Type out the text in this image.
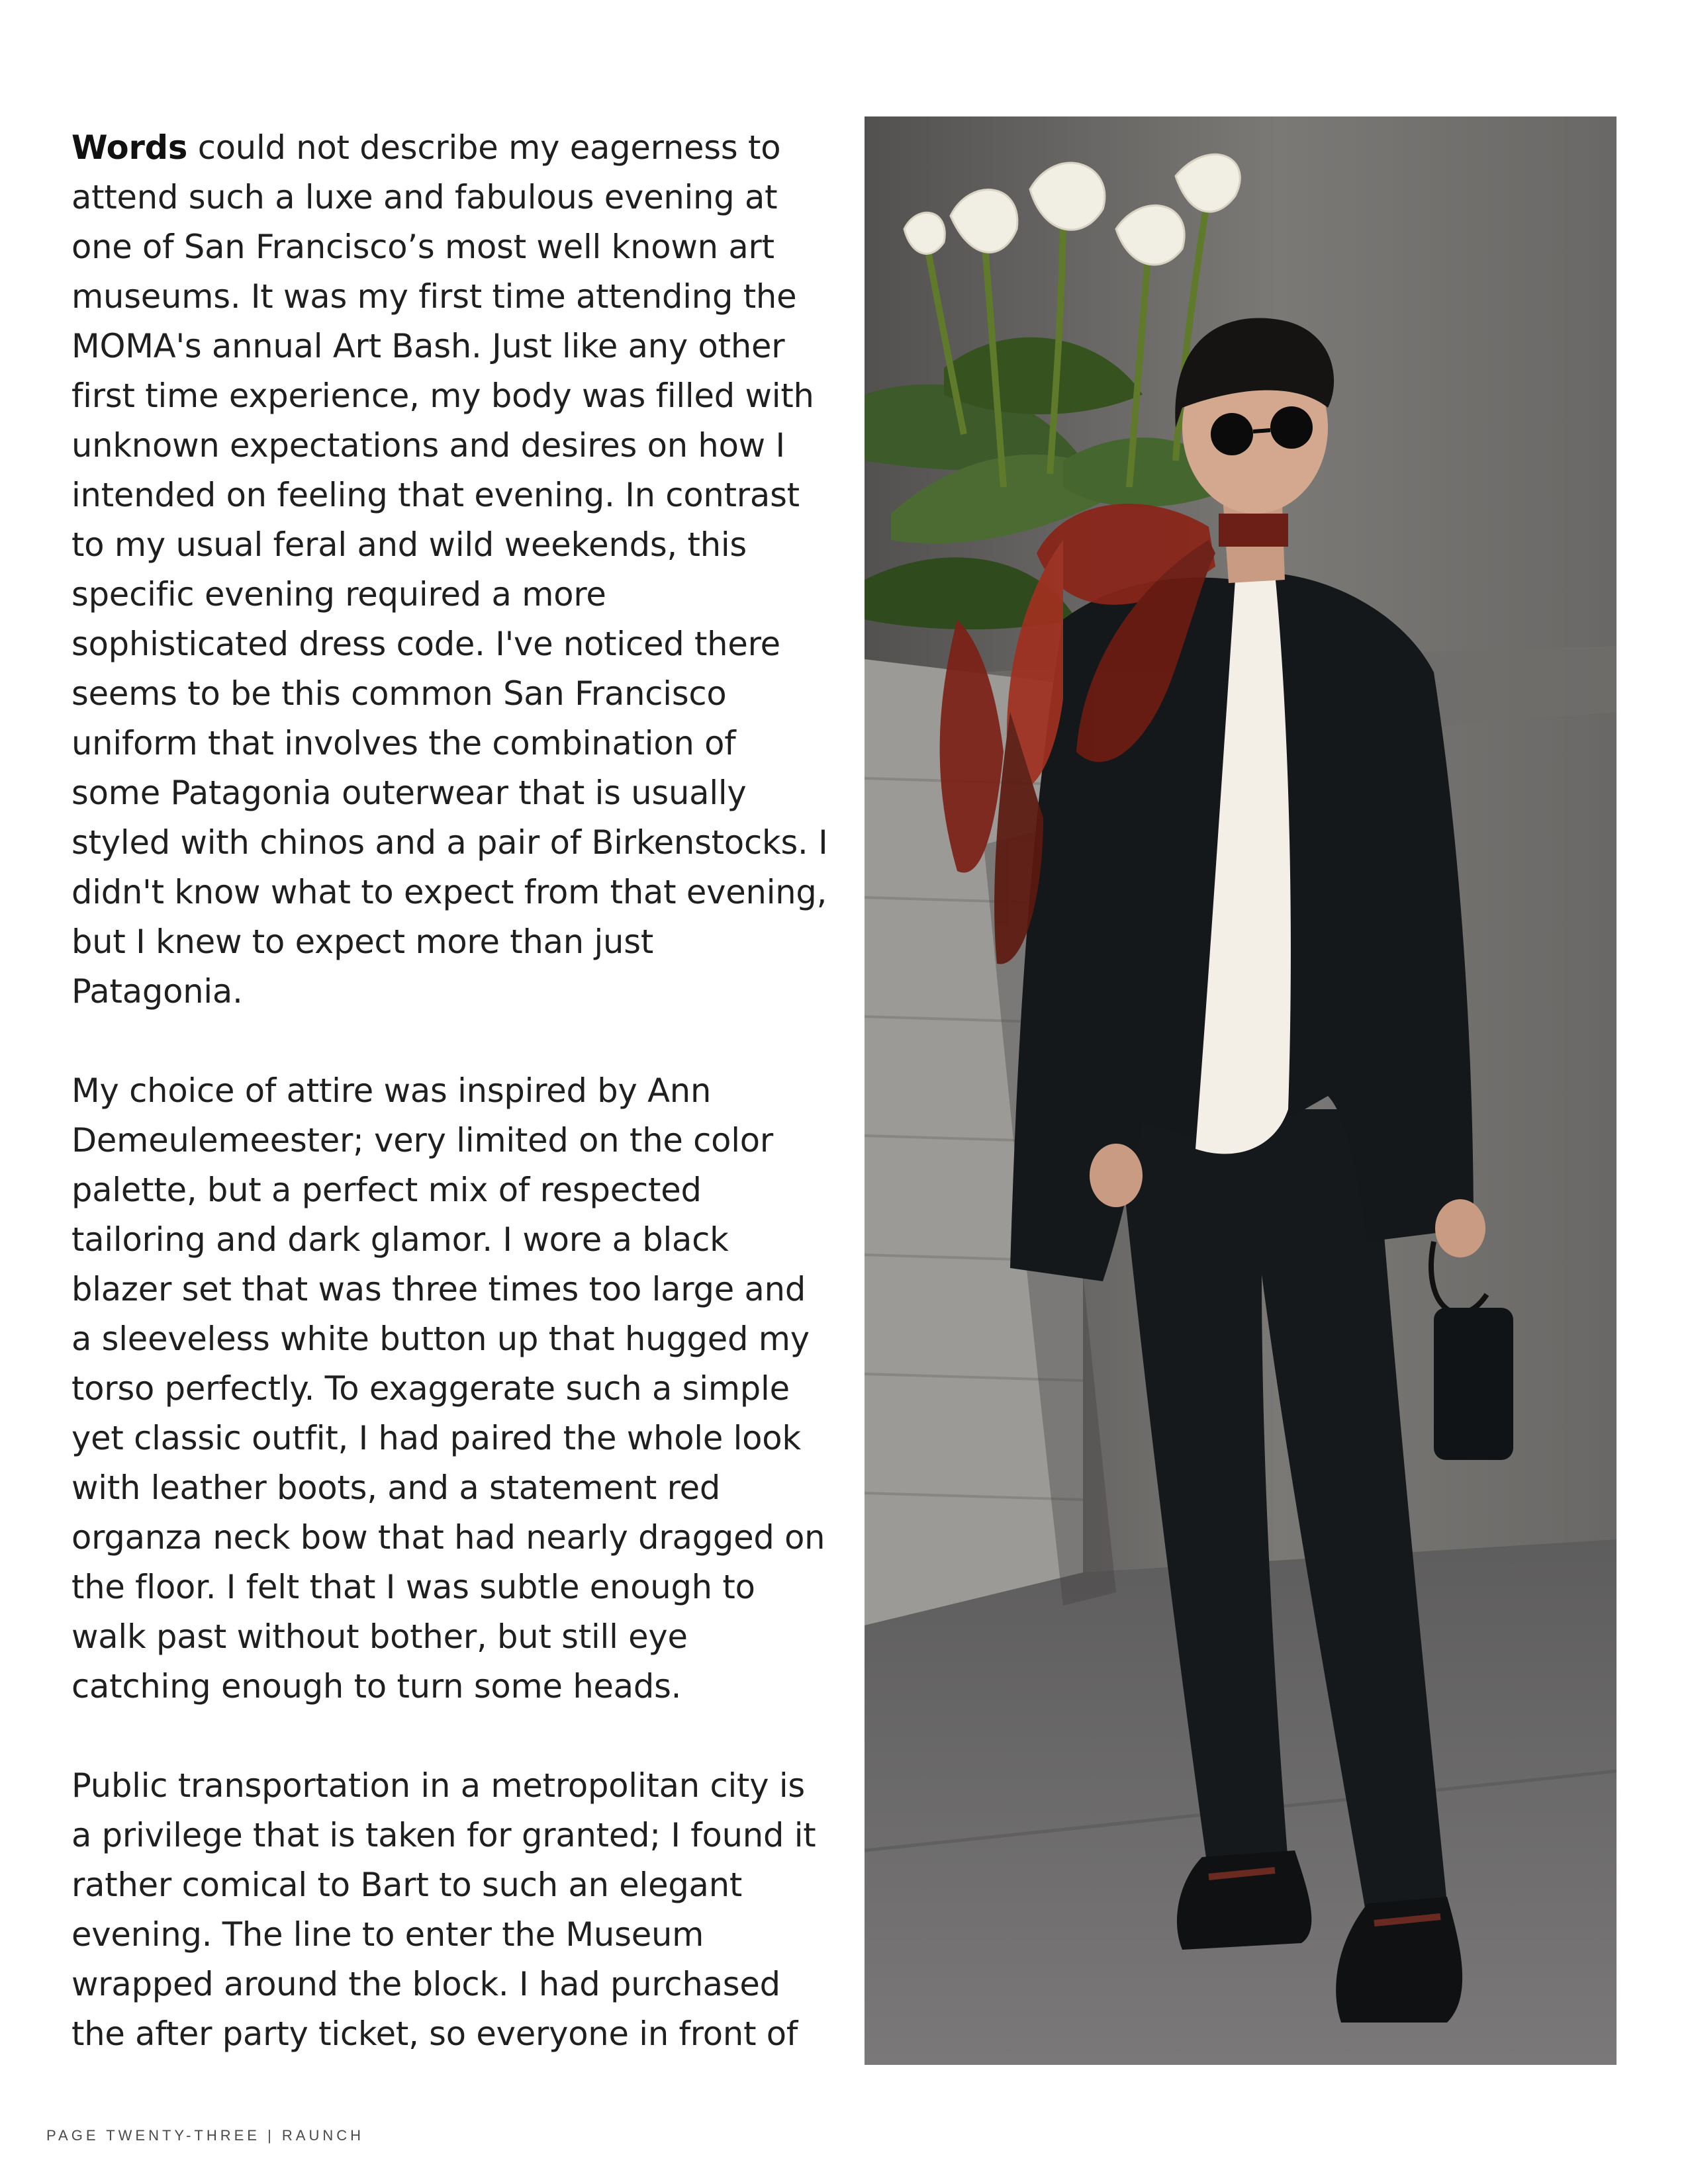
Words could not describe my eagerness to attend such a luxe and fabulous evening at one of San Francisco’s most well known art museums. It was my first time attending the MOMA's annual Art Bash. Just like any other first time experience, my body was filled with unknown expectations and desires on how I intended on feeling that evening. In contrast to my usual feral and wild weekends, this specific evening required a more sophisticated dress code. I've noticed there seems to be this common San Francisco uniform that involves the combination of some Patagonia outerwear that is usually styled with chinos and a pair of Birkenstocks. I didn't know what to expect from that evening, but I knew to expect more than just Patagonia.

My choice of attire was inspired by Ann Demeulemeester; very limited on the color palette, but a perfect mix of respected tailoring and dark glamor. I wore a black blazer set that was three times too large and a sleeveless white button up that hugged my torso perfectly. To exaggerate such a simple yet classic outfit, I had paired the whole look with leather boots, and a statement red organza neck bow that had nearly dragged on the floor. I felt that I was subtle enough to walk past without bother, but still eye catching enough to turn some heads.

Public transportation in a metropolitan city is a privilege that is taken for granted; I found it rather comical to Bart to such an elegant evening. The line to enter the Museum wrapped around the block. I had purchased the after party ticket, so everyone in front of

PAGE TWENTY-THREE | RAUNCH
